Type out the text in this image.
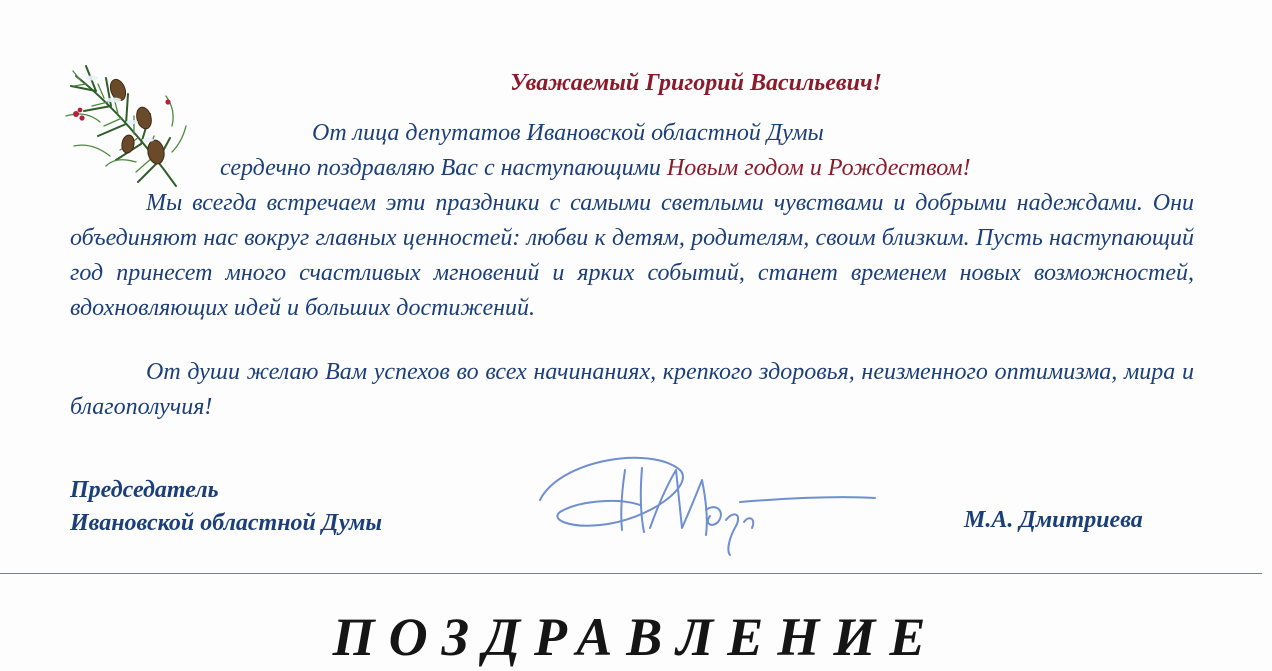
Уважаемый Григорий Васильевич!
От лица депутатов Ивановской областной Думы
сердечно поздравляю Вас с наступающими Новым годом и Рождеством!

Мы всегда встречаем эти праздники с самыми светлыми чувствами и добрыми надеждами. Они объединяют нас вокруг главных ценностей: любви к детям, родителям, своим близким. Пусть наступающий год принесет много счастливых мгновений и ярких событий, станет временем новых возможностей, вдохновляющих идей и больших достижений.

От души желаю Вам успехов во всех начинаниях, крепкого здоровья, неизменного оптимизма, мира и благополучия!

Председатель
Ивановской областной Думы	М.А. Дмитриева
ПОЗДРАВЛЕНИЕ
